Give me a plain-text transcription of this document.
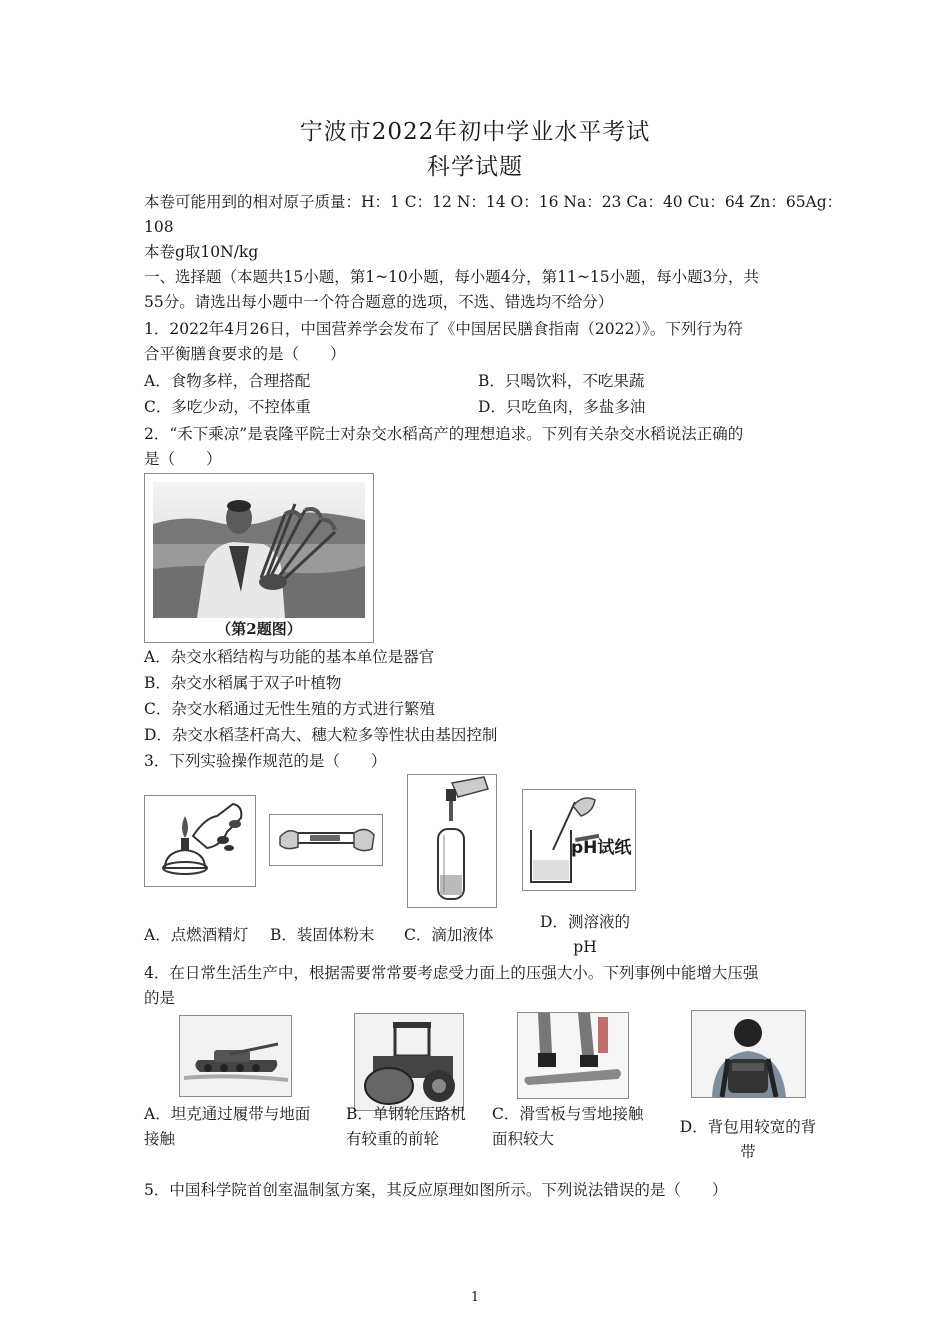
宁波市2022年初中学业水平考试
科学试题
本卷可能用到的相对原子质量：H：1 C：12 N：14 O：16 Na：23 Ca：40 Cu：64 Zn：65Ag：
108
本卷g取10N/kg
一、选择题（本题共15小题，第1~10小题，每小题4分，第11~15小题，每小题3分，共
55分。请选出每小题中一个符合题意的选项，不选、错选均不给分）
1．2022年4月26日，中国营养学会发布了《中国居民膳食指南（2022）》。下列行为符
合平衡膳食要求的是（　　）
A．食物多样，合理搭配	B．只喝饮料，不吃果蔬
C．多吃少动，不控体重	D．只吃鱼肉，多盐多油
2．“禾下乘凉”是袁隆平院士对杂交水稻高产的理想追求。下列有关杂交水稻说法正确的
是（　　）
（第2题图）
A．杂交水稻结构与功能的基本单位是器官
B．杂交水稻属于双子叶植物
C．杂交水稻通过无性生殖的方式进行繁殖
D．杂交水稻茎杆高大、穗大粒多等性状由基因控制
3．下列实验操作规范的是（　　）
pH试纸
A．点燃酒精灯 B．装固体粉末 C．滴加液体
D．测溶液的
pH
4．在日常生活生产中，根据需要常常要考虑受力面上的压强大小。下列事例中能增大压强
的是
A．坦克通过履带与地面
接触
B．单钢轮压路机
有较重的前轮
C．滑雪板与雪地接触
面积较大
D．背包用较宽的背
带
5．中国科学院首创室温制氢方案，其反应原理如图所示。下列说法错误的是（　　）
1
